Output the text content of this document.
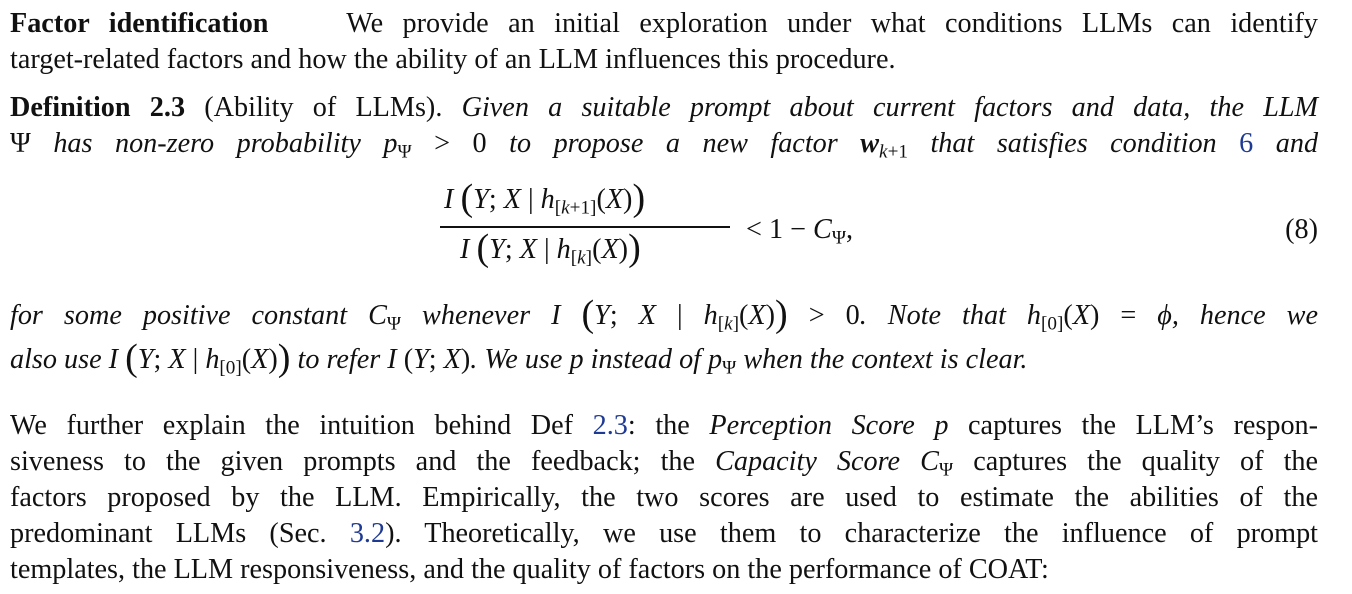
Factor identification	We provide an initial exploration under what conditions LLMs can identify
target-related factors and how the ability of an LLM influences this procedure.
Definition 2.3 (Ability of LLMs). Given a suitable prompt about current factors and data, the LLM
Ψ has non-zero probability $p_\Psi > 0$ to propose a new factor $w_{k+1}$ that satisfies condition 6 and
I (Y; X | $h_{[k+1]}(X)$)
I (Y; X | $h_{[k]}(X)$)	< $1 - C_\Psi$,	(8)
for some positive constant $C_\Psi$ whenever I (Y; X | $h_{[k]}(X)) > 0$. Note that $h_{[0]}(X) = \phi$, hence we
also use I (Y; X | $h_{[0]}(X)$) to refer I (Y; X). We use p instead of $p_\Psi$ when the context is clear.
We further explain the intuition behind Def 2.3: the Perception Score p captures the LLM’s respon-
siveness to the given prompts and the feedback; the Capacity Score $C_\Psi$ captures the quality of the
factors proposed by the LLM. Empirically, the two scores are used to estimate the abilities of the
predominant LLMs (Sec. 3.2). Theoretically, we use them to characterize the influence of prompt
templates, the LLM responsiveness, and the quality of factors on the performance of COAT:
